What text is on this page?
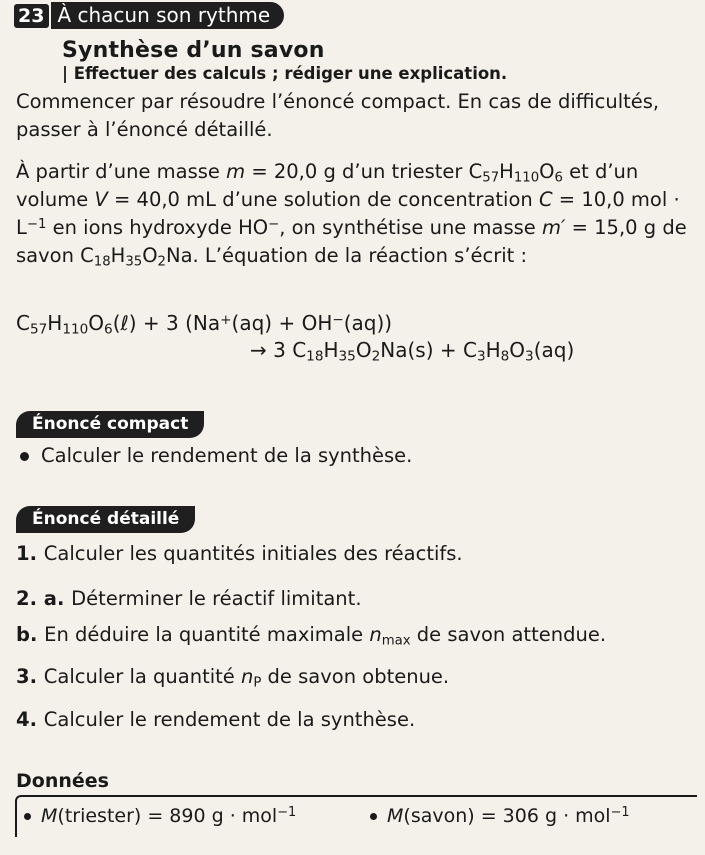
23 À chacun son rythme
Synthèse d’un savon
| Effectuer des calculs ; rédiger une explication.
Commencer par résoudre l’énoncé compact. En cas de difficultés, passer à l’énoncé détaillé.
À partir d’une masse m = 20,0 g d’un triester $C_{57}H_{110}O_6$ et d’un volume V = 40,0 mL d’une solution de concentration C = 10,0 mol · $L^{-1}$ en ions hydroxyde HO−, on synthétise une masse m′ = 15,0 g de savon $C_{18}H_{35}O_2Na$. L’équation de la réaction s’écrit :
$C_{57}H_{110}O_6(\ell) + 3$ (Na+(aq) + OH−(aq))
→ 3 $C_{18}H_{35}O_2Na(s) + C_3H_8O_3(aq)$
Énoncé compact
Calculer le rendement de la synthèse.
Énoncé détaillé
1. Calculer les quantités initiales des réactifs.
2. a. Déterminer le réactif limitant.
b. En déduire la quantité maximale $n_{max}$ de savon attendue.
3. Calculer la quantité $n_P$ de savon obtenue.
4. Calculer le rendement de la synthèse.
Données
M(triester) = 890 g · mol$^{-1}$	M(savon) = 306 g · mol$^{-1}$
